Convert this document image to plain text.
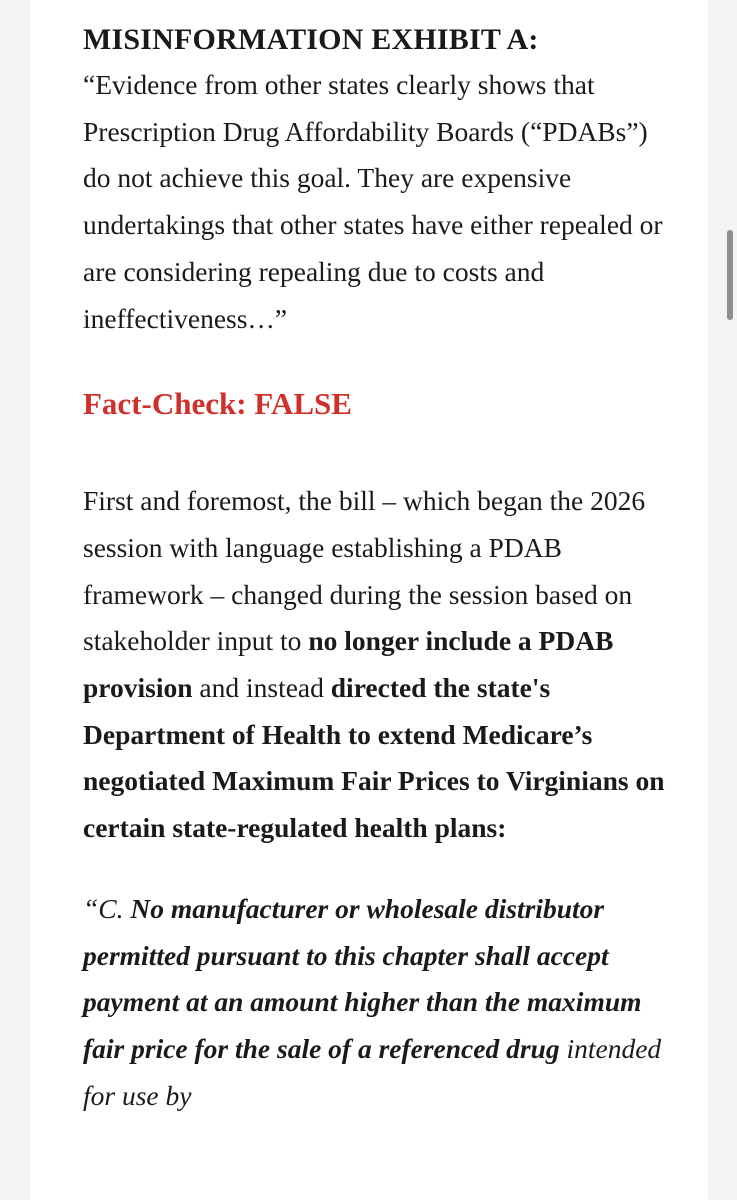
MISINFORMATION EXHIBIT A:

“Evidence from other states clearly shows that Prescription Drug Affordability Boards (“PDABs”) do not achieve this goal. They are expensive undertakings that other states have either repealed or are considering repealing due to costs and ineffectiveness…”

Fact-Check: FALSE

First and foremost, the bill – which began the 2026 session with language establishing a PDAB framework – changed during the session based on stakeholder input to no longer include a PDAB provision and instead directed the state's Department of Health to extend Medicare’s negotiated Maximum Fair Prices to Virginians on certain state-regulated health plans:

“C. No manufacturer or wholesale distributor permitted pursuant to this chapter shall accept payment at an amount higher than the maximum fair price for the sale of a referenced drug intended for use by
